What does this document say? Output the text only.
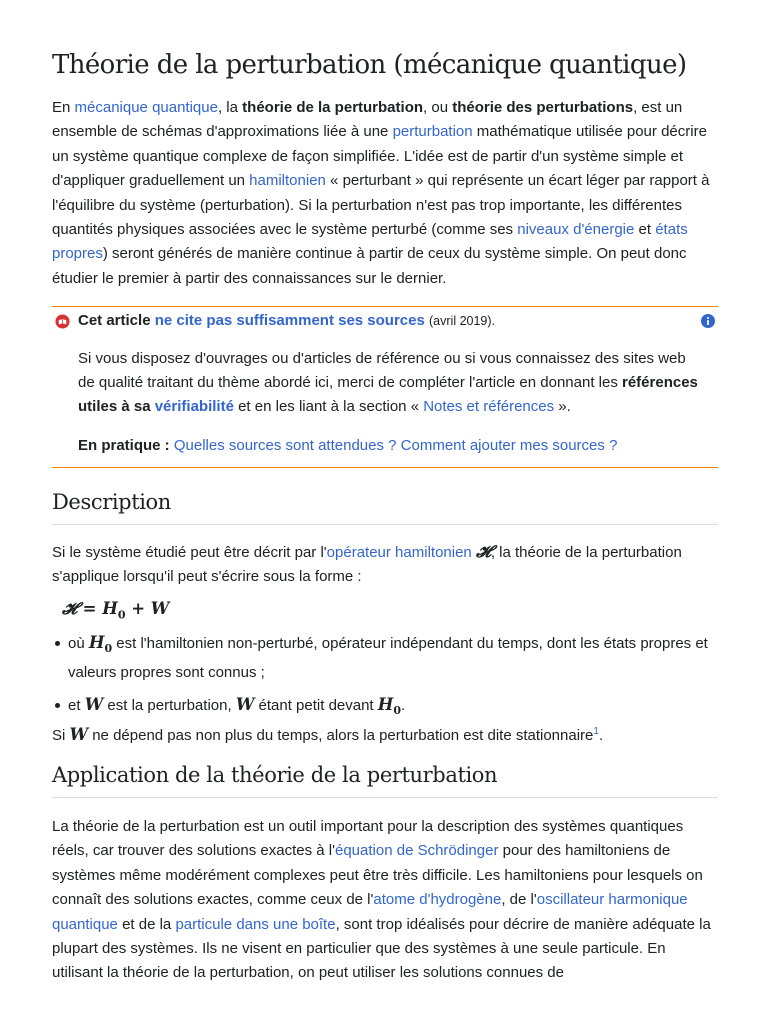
Théorie de la perturbation (mécanique quantique)

En mécanique quantique, la théorie de la perturbation, ou théorie des perturbations, est un ensemble de schémas d'approximations liée à une perturbation mathématique utilisée pour décrire un système quantique complexe de façon simplifiée. L'idée est de partir d'un système simple et d'appliquer graduellement un hamiltonien « perturbant » qui représente un écart léger par rapport à l'équilibre du système (perturbation). Si la perturbation n'est pas trop importante, les différentes quantités physiques associées avec le système perturbé (comme ses niveaux d'énergie et états propres) seront générés de manière continue à partir de ceux du système simple. On peut donc étudier le premier à partir des connaissances sur le dernier.

Cet article ne cite pas suffisamment ses sources (avril 2019).

Si vous disposez d'ouvrages ou d'articles de référence ou si vous connaissez des sites web de qualité traitant du thème abordé ici, merci de compléter l'article en donnant les références utiles à sa vérifiabilité et en les liant à la section « Notes et références ».

En pratique : Quelles sources sont attendues ? Comment ajouter mes sources ?
Description

Si le système étudié peut être décrit par l'opérateur hamiltonien 𝓗, la théorie de la perturbation s'applique lorsqu'il peut s'écrire sous la forme :

𝓗 = $H_0 + W$
où $H_0$ est l'hamiltonien non-perturbé, opérateur indépendant du temps, dont les états propres et valeurs propres sont connus ;
et W est la perturbation, W étant petit devant $H_0$.

Si W ne dépend pas non plus du temps, alors la perturbation est dite stationnaire$^1$.

Application de la théorie de la perturbation

La théorie de la perturbation est un outil important pour la description des systèmes quantiques réels, car trouver des solutions exactes à l'équation de Schrödinger pour des hamiltoniens de systèmes même modérément complexes peut être très difficile. Les hamiltoniens pour lesquels on connaît des solutions exactes, comme ceux de l'atome d'hydrogène, de l'oscillateur harmonique quantique et de la particule dans une boîte, sont trop idéalisés pour décrire de manière adéquate la plupart des systèmes. Ils ne visent en particulier que des systèmes à une seule particule. En utilisant la théorie de la perturbation, on peut utiliser les solutions connues de
